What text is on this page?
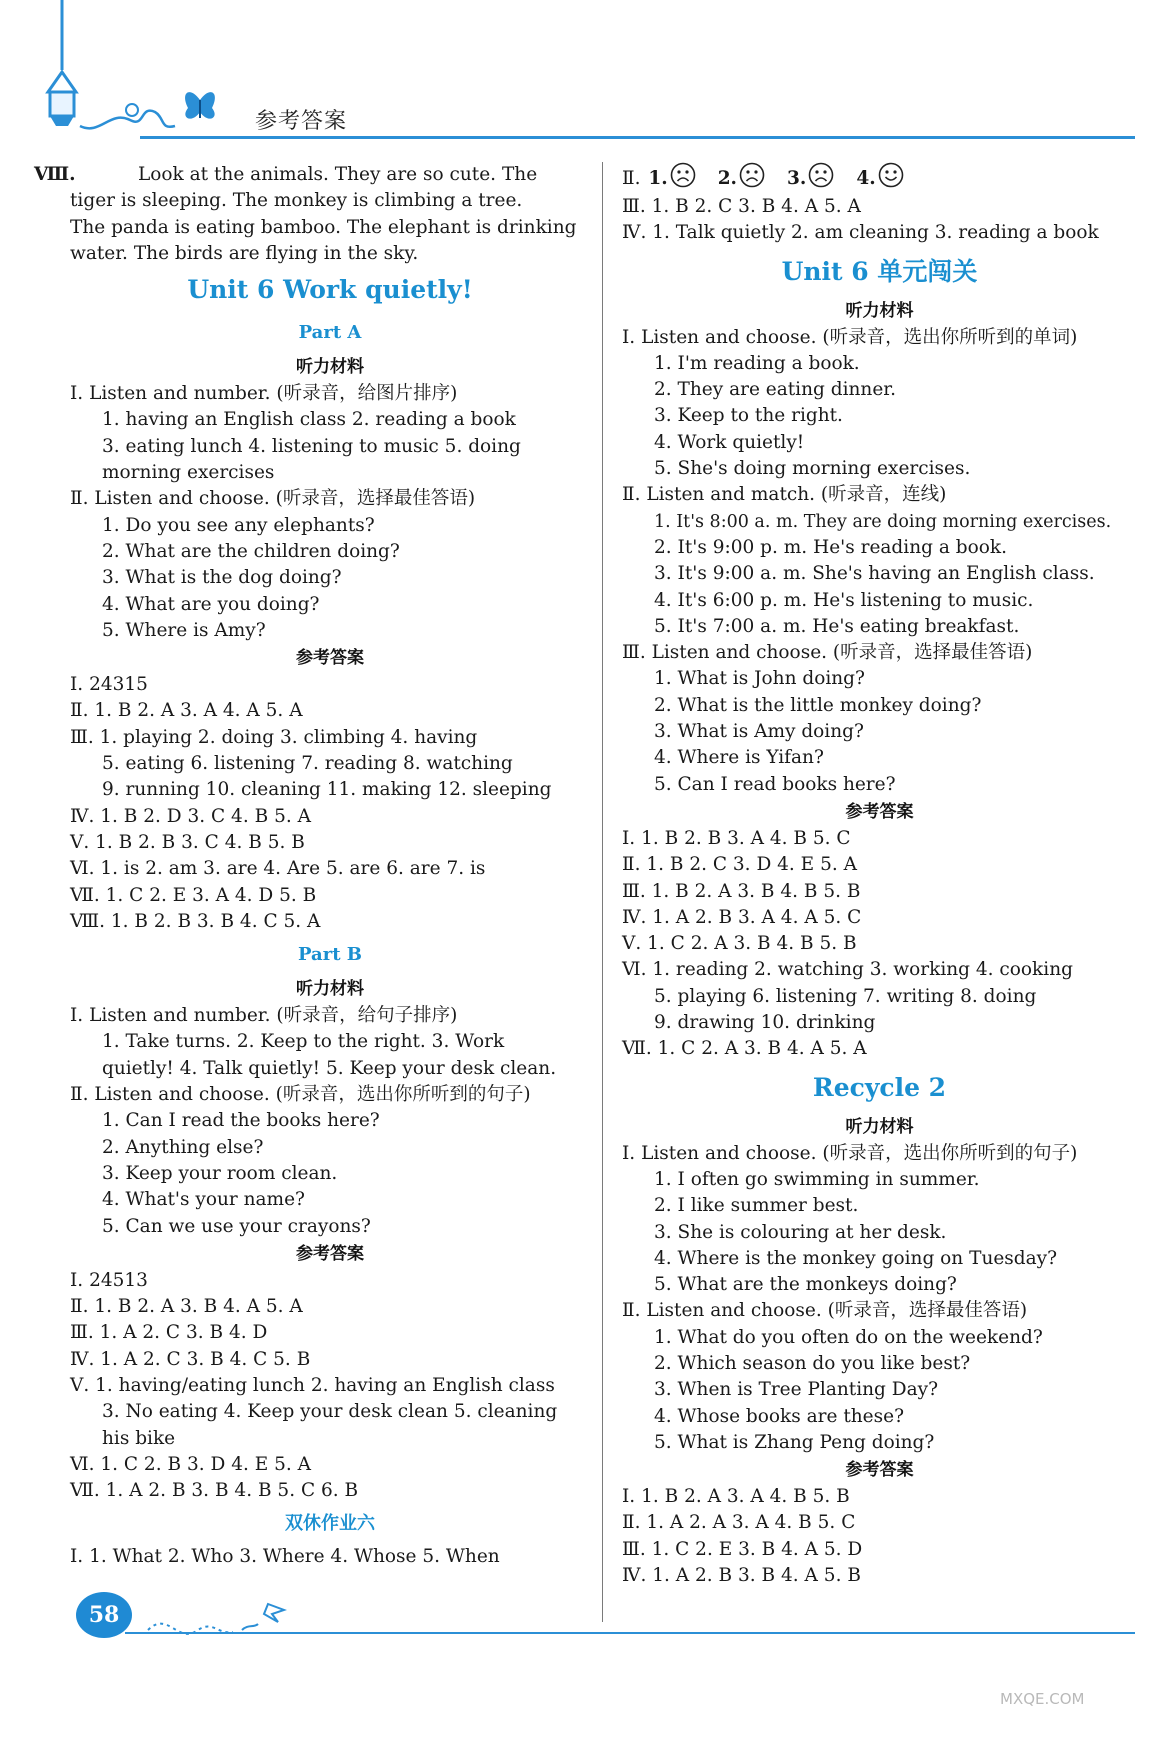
参考答案
Ⅷ.	Look at the animals. They are so cute. The
tiger is sleeping. The monkey is climbing a tree.
The panda is eating bamboo. The elephant is drinking
water. The birds are flying in the sky.
Unit 6 Work quietly!
Part A
听力材料
Ⅰ. Listen and number. (听录音，给图片排序)
1. having an English class 2. reading a book
3. eating lunch 4. listening to music 5. doing
morning exercises
Ⅱ. Listen and choose. (听录音，选择最佳答语)
1. Do you see any elephants?
2. What are the children doing?
3. What is the dog doing?
4. What are you doing?
5. Where is Amy?
参考答案
Ⅰ. 24315
Ⅱ. 1. B 2. A 3. A 4. A 5. A
Ⅲ. 1. playing 2. doing 3. climbing 4. having
5. eating 6. listening 7. reading 8. watching
9. running 10. cleaning 11. making 12. sleeping
Ⅳ. 1. B 2. D 3. C 4. B 5. A
Ⅴ. 1. B 2. B 3. C 4. B 5. B
Ⅵ. 1. is 2. am 3. are 4. Are 5. are 6. are 7. is
Ⅶ. 1. C 2. E 3. A 4. D 5. B
Ⅷ. 1. B 2. B 3. B 4. C 5. A
Part B
听力材料
Ⅰ. Listen and number. (听录音，给句子排序)
1. Take turns. 2. Keep to the right. 3. Work
quietly! 4. Talk quietly! 5. Keep your desk clean.
Ⅱ. Listen and choose. (听录音，选出你所听到的句子)
1. Can I read the books here?
2. Anything else?
3. Keep your room clean.
4. What's your name?
5. Can we use your crayons?
参考答案
Ⅰ. 24513
Ⅱ. 1. B 2. A 3. B 4. A 5. A
Ⅲ. 1. A 2. C 3. B 4. D
Ⅳ. 1. A 2. C 3. B 4. C 5. B
Ⅴ. 1. having/eating lunch 2. having an English class
3. No eating 4. Keep your desk clean 5. cleaning
his bike
Ⅵ. 1. C 2. B 3. D 4. E 5. A
Ⅶ. 1. A 2. B 3. B 4. B 5. C 6. B
双休作业六
Ⅰ. 1. What 2. Who 3. Where 4. Whose 5. When
Ⅱ. 1.	2.	3.	4.
Ⅲ. 1. B 2. C 3. B 4. A 5. A
Ⅳ. 1. Talk quietly 2. am cleaning 3. reading a book
Unit 6 单元闯关
听力材料
Ⅰ. Listen and choose. (听录音，选出你所听到的单词)
1. I'm reading a book.
2. They are eating dinner.
3. Keep to the right.
4. Work quietly!
5. She's doing morning exercises.
Ⅱ. Listen and match. (听录音，连线)
1. It's 8:00 a. m. They are doing morning exercises.
2. It's 9:00 p. m. He's reading a book.
3. It's 9:00 a. m. She's having an English class.
4. It's 6:00 p. m. He's listening to music.
5. It's 7:00 a. m. He's eating breakfast.
Ⅲ. Listen and choose. (听录音，选择最佳答语)
1. What is John doing?
2. What is the little monkey doing?
3. What is Amy doing?
4. Where is Yifan?
5. Can I read books here?
参考答案
Ⅰ. 1. B 2. B 3. A 4. B 5. C
Ⅱ. 1. B 2. C 3. D 4. E 5. A
Ⅲ. 1. B 2. A 3. B 4. B 5. B
Ⅳ. 1. A 2. B 3. A 4. A 5. C
Ⅴ. 1. C 2. A 3. B 4. B 5. B
Ⅵ. 1. reading 2. watching 3. working 4. cooking
5. playing 6. listening 7. writing 8. doing
9. drawing 10. drinking
Ⅶ. 1. C 2. A 3. B 4. A 5. A
Recycle 2
听力材料
Ⅰ. Listen and choose. (听录音，选出你所听到的句子)
1. I often go swimming in summer.
2. I like summer best.
3. She is colouring at her desk.
4. Where is the monkey going on Tuesday?
5. What are the monkeys doing?
Ⅱ. Listen and choose. (听录音，选择最佳答语)
1. What do you often do on the weekend?
2. Which season do you like best?
3. When is Tree Planting Day?
4. Whose books are these?
5. What is Zhang Peng doing?
参考答案
Ⅰ. 1. B 2. A 3. A 4. B 5. B
Ⅱ. 1. A 2. A 3. A 4. B 5. C
Ⅲ. 1. C 2. E 3. B 4. A 5. D
Ⅳ. 1. A 2. B 3. B 4. A 5. B
58
MXQE.COM
